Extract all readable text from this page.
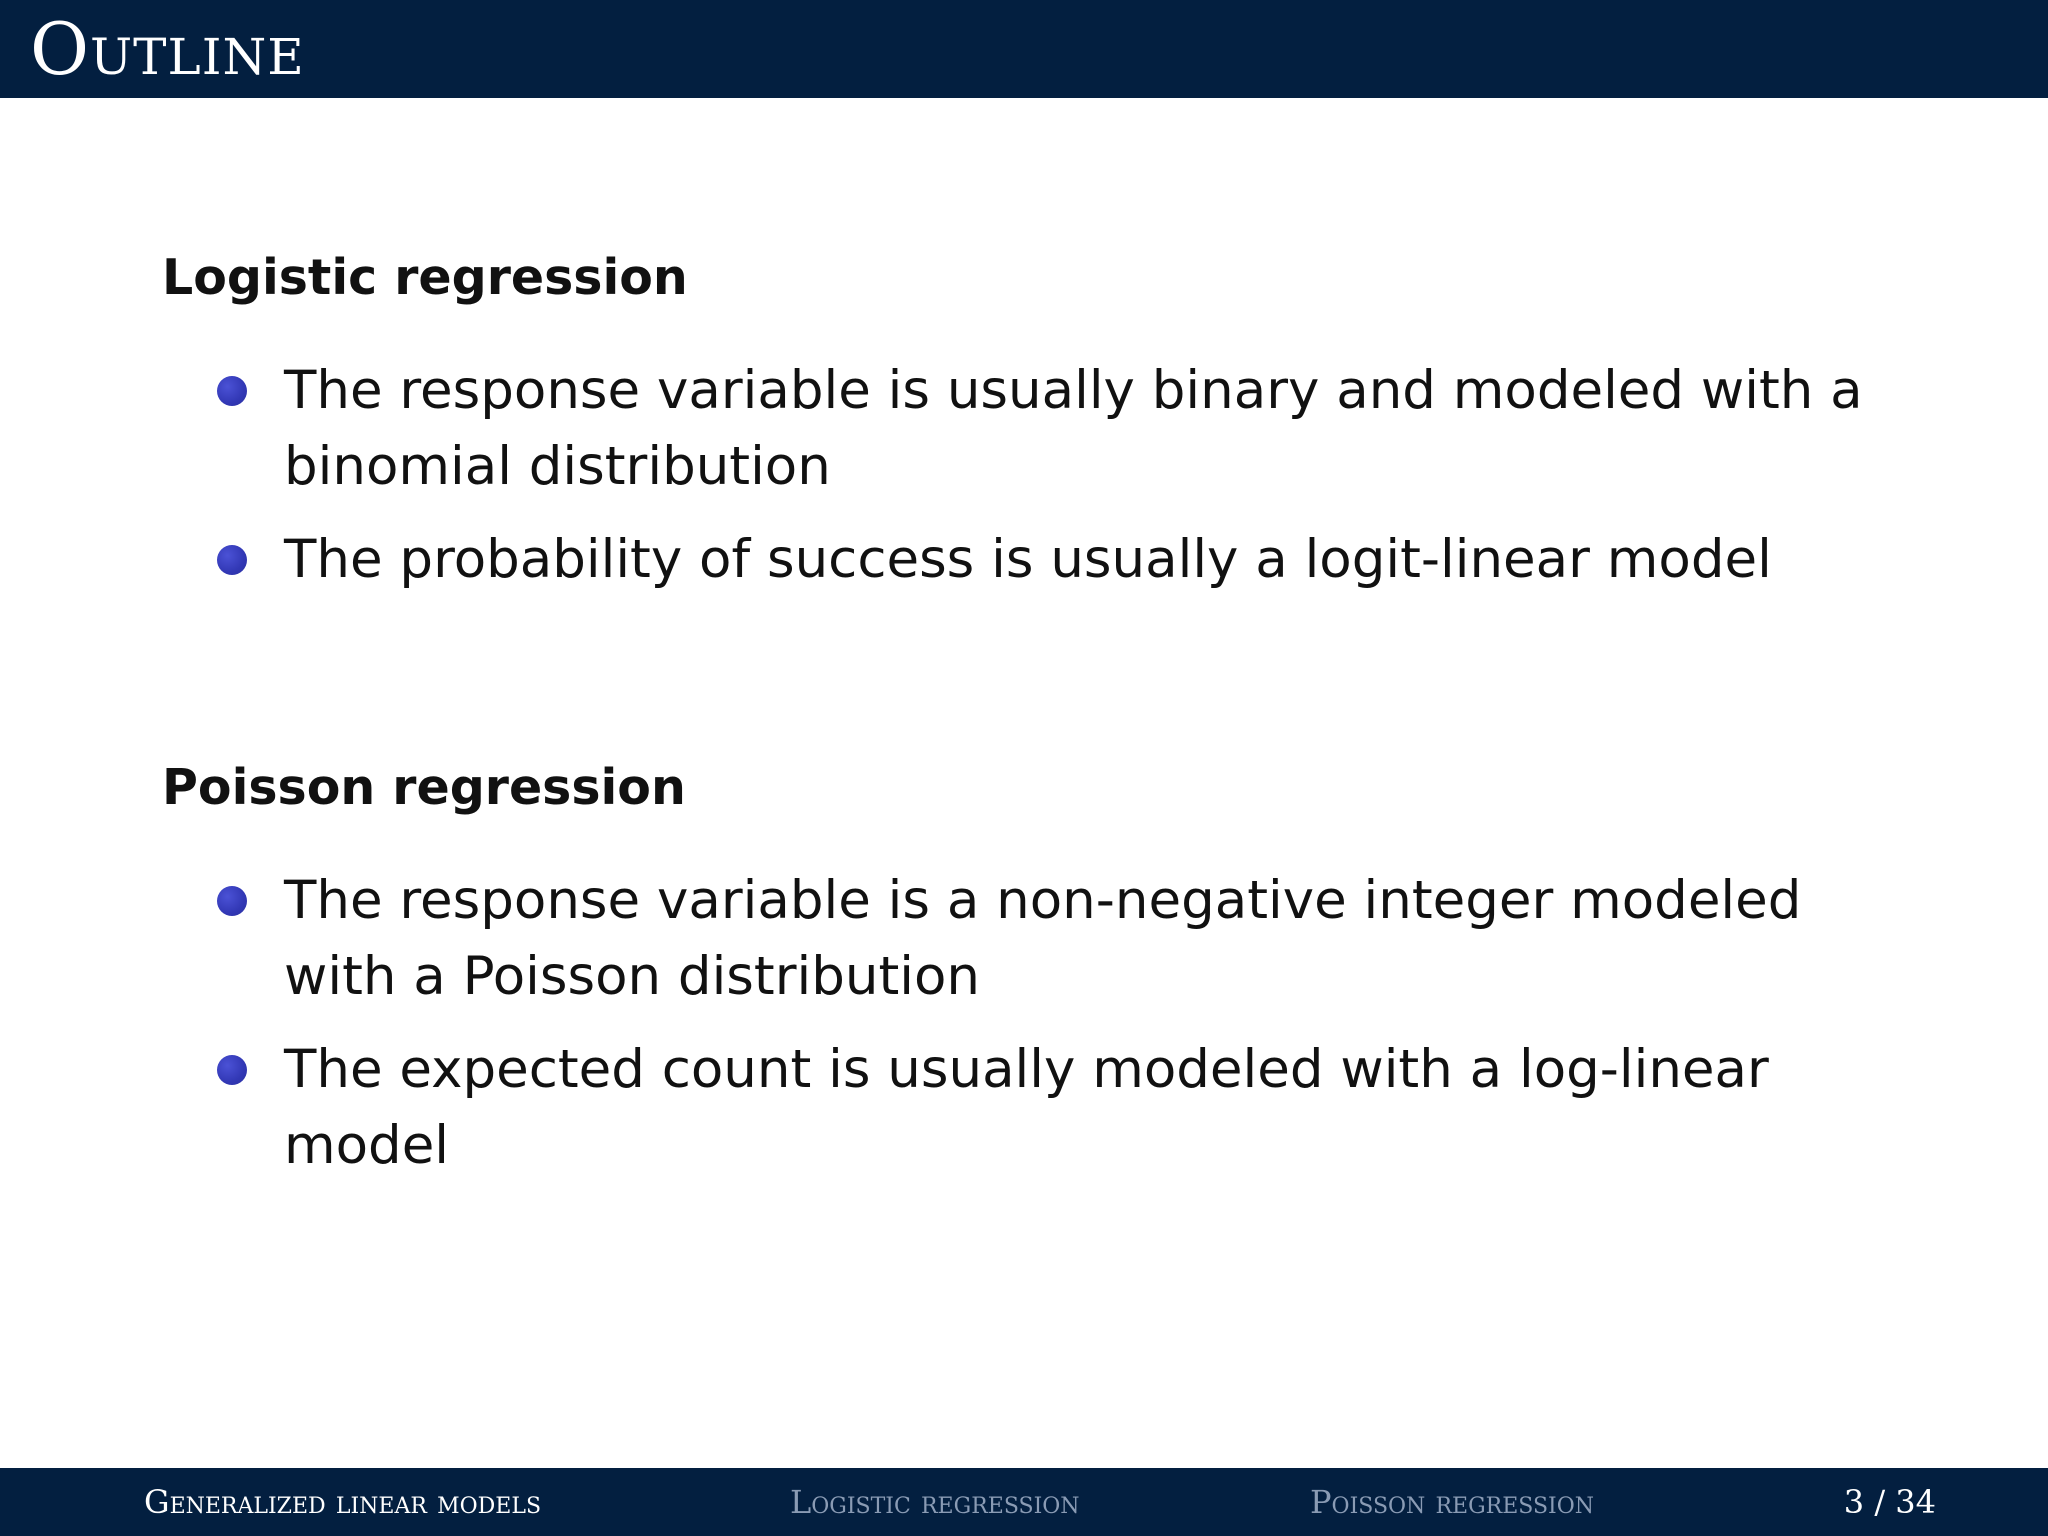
Outline
Logistic regression
The response variable is usually binary and modeled with a binomial distribution
The probability of success is usually a logit-linear model
Poisson regression
The response variable is a non-negative integer modeled with a Poisson distribution
The expected count is usually modeled with a log-linear model
Generalized linear models	Logistic regression	Poisson regression	3 / 34
